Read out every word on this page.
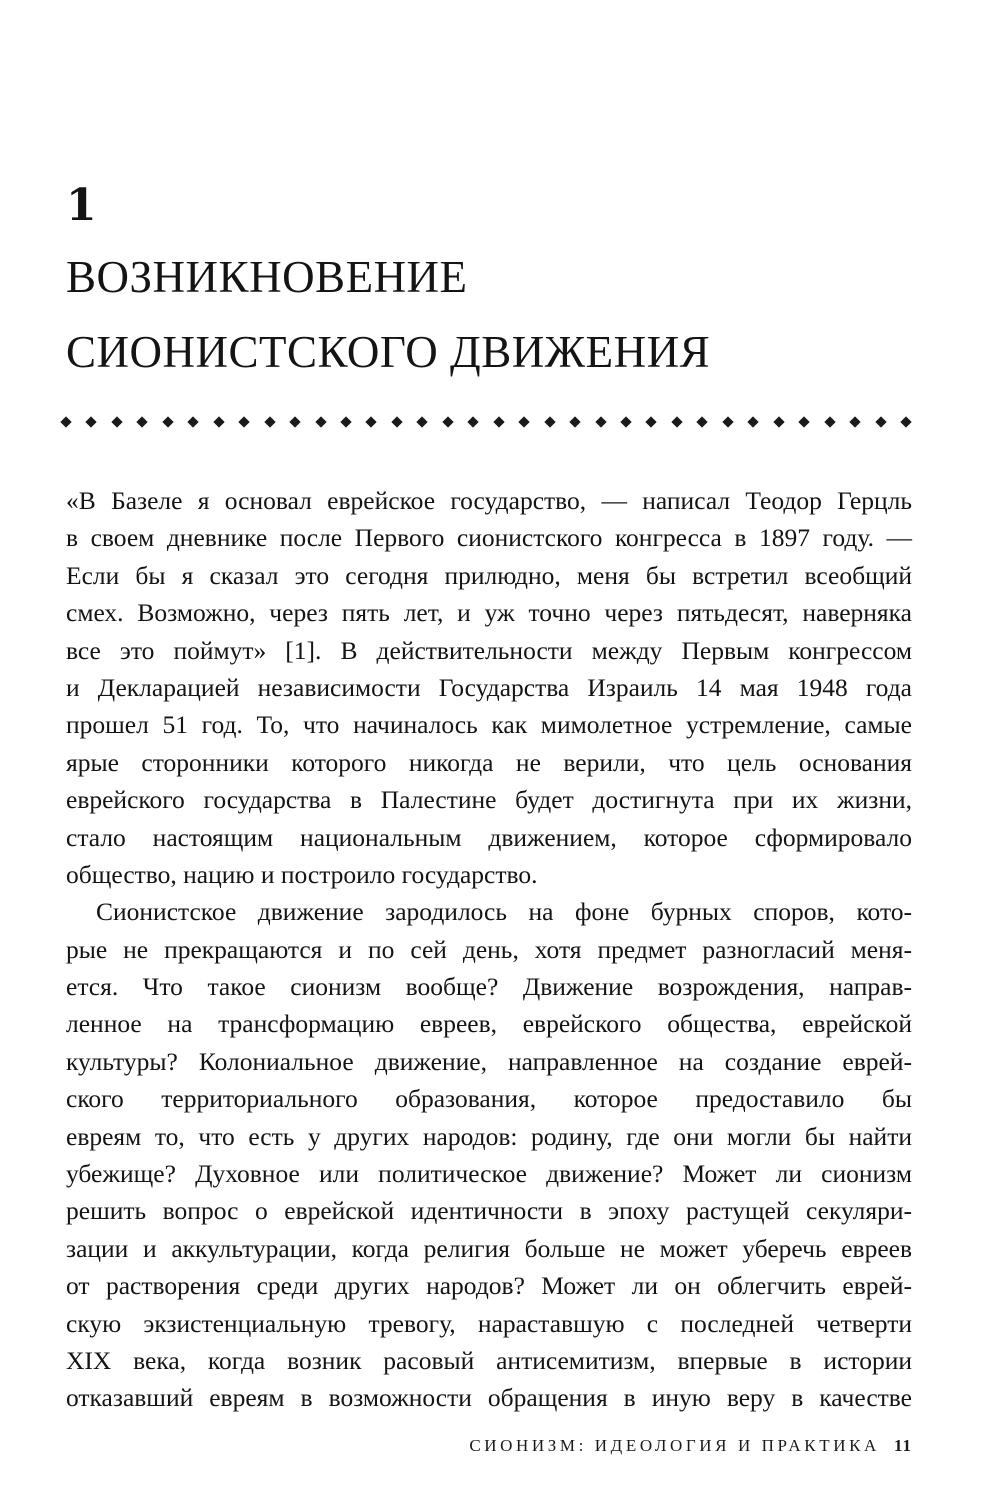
1
ВОЗНИКНОВЕНИЕ
СИОНИСТСКОГО ДВИЖЕНИЯ
«В Базеле я основал еврейское государство, — написал Теодор Герцль
в своем дневнике после Первого сионистского конгресса в 1897 году. —
Если бы я сказал это сегодня прилюдно, меня бы встретил всеобщий
смех. Возможно, через пять лет, и уж точно через пятьдесят, наверняка
все это поймут» [1]. В действительности между Первым конгрессом
и Декларацией независимости Государства Израиль 14 мая 1948 года
прошел 51 год. То, что начиналось как мимолетное устремление, самые
ярые сторонники которого никогда не верили, что цель основания
еврейского государства в Палестине будет достигнута при их жизни,
стало настоящим национальным движением, которое сформировало
общество, нацию и построило государство.
Сионистское движение зародилось на фоне бурных споров, кото-
рые не прекращаются и по сей день, хотя предмет разногласий меня-
ется. Что такое сионизм вообще? Движение возрождения, направ-
ленное на трансформацию евреев, еврейского общества, еврейской
культуры? Колониальное движение, направленное на создание еврей-
ского территориального образования, которое предоставило бы
евреям то, что есть у других народов: родину, где они могли бы найти
убежище? Духовное или политическое движение? Может ли сионизм
решить вопрос о еврейской идентичности в эпоху растущей секуляри-
зации и аккультурации, когда религия больше не может уберечь евреев
от растворения среди других народов? Может ли он облегчить еврей-
скую экзистенциальную тревогу, нараставшую с последней четверти
XIX века, когда возник расовый антисемитизм, впервые в истории
отказавший евреям в возможности обращения в иную веру в качестве
СИОНИЗМ: ИДЕОЛОГИЯ И ПРАКТИКА 11
